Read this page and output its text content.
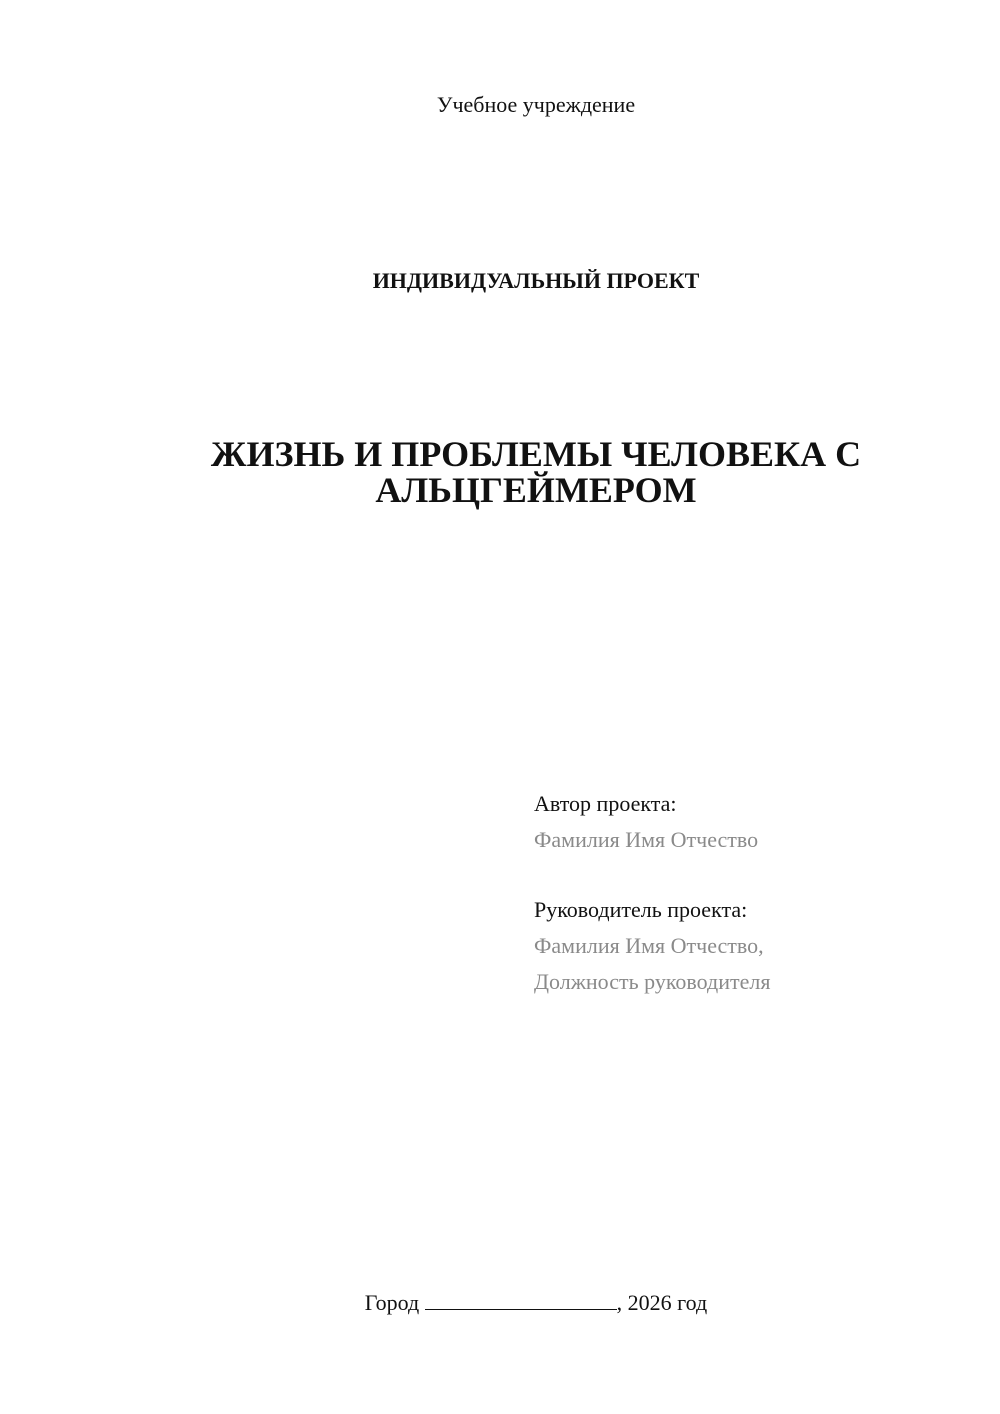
Учебное учреждение
ИНДИВИДУАЛЬНЫЙ ПРОЕКТ
ЖИЗНЬ И ПРОБЛЕМЫ ЧЕЛОВЕКА С
АЛЬЦГЕЙМЕРОМ
Автор проекта:
Фамилия Имя Отчество
Руководитель проекта:
Фамилия Имя Отчество,
Должность руководителя
Город	, 2026 год
